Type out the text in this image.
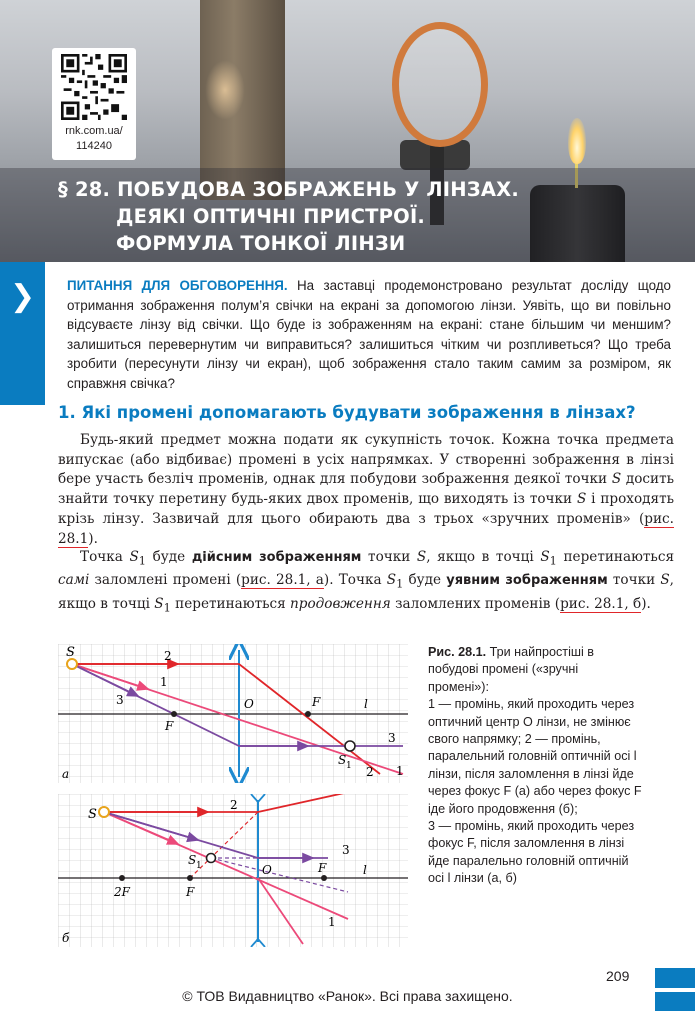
rnk.com.ua/
114240
§ 28. ПОБУДОВА ЗОБРАЖЕНЬ У ЛІНЗАХ.
ДЕЯКІ ОПТИЧНІ ПРИСТРОЇ.
ФОРМУЛА ТОНКОЇ ЛІНЗИ
❯ ПИТАННЯ ДЛЯ ОБГОВОРЕННЯ. На заставці продемонстровано результат досліду щодо отримання зображення полум’я свічки на екрані за допомогою лінзи. Уявіть, що ви повільно відсуваєте лінзу від свічки. Що буде із зображенням на екрані: стане більшим чи меншим? залишиться перевернутим чи виправиться? залишиться чітким чи розпливеться? Що треба зробити (пересунути лінзу чи екран), щоб зображення стало таким самим за розміром, як справжня свічка?
1. Які промені допомагають будувати зображення в лінзах?
Будь-який предмет можна подати як сукупність точок. Кожна точка предмета випускає (або відбиває) промені в усіх напрямках. У створенні зображення в лінзі бере участь безліч променів, однак для побудови зображення деякої точки S досить знайти точку перетину будь-яких двох променів, що виходять із точки S і проходять крізь лінзу. Зазвичай для цього обирають два з трьох «зручних променів» (рис. 28.1).
Точка $S_1$ буде дійсним зображенням точки S, якщо в точці $S_1$ перетинаються самі заломлені промені (рис. 28.1, а). Точка $S_1$ буде уявним зображенням точки S, якщо в точці $S_1$ перетинаються продовження заломлених променів (рис. 28.1, б).
S	2
1
3
F
O	F	l
3
S 1 2 1
а
S
2
3
S 1	O	F	l
2F	F
1
б
Рис. 28.1. Три найпростіші в побудові промені («зручні промені»):
1 — промінь, який проходить через оптичний центр O лінзи, не змінює свого напрямку; 2 — промінь, паралельний головній оптичній осі l лінзи, після заломлення в лінзі йде через фокус F (а) або через фокус F іде його продовження (б);
3 — промінь, який проходить через фокус F, після заломлення в лінзі йде паралельно головній оптичній осі l лінзи (а, б)
209
© ТОВ Видавництво «Ранок». Всі права захищено.
